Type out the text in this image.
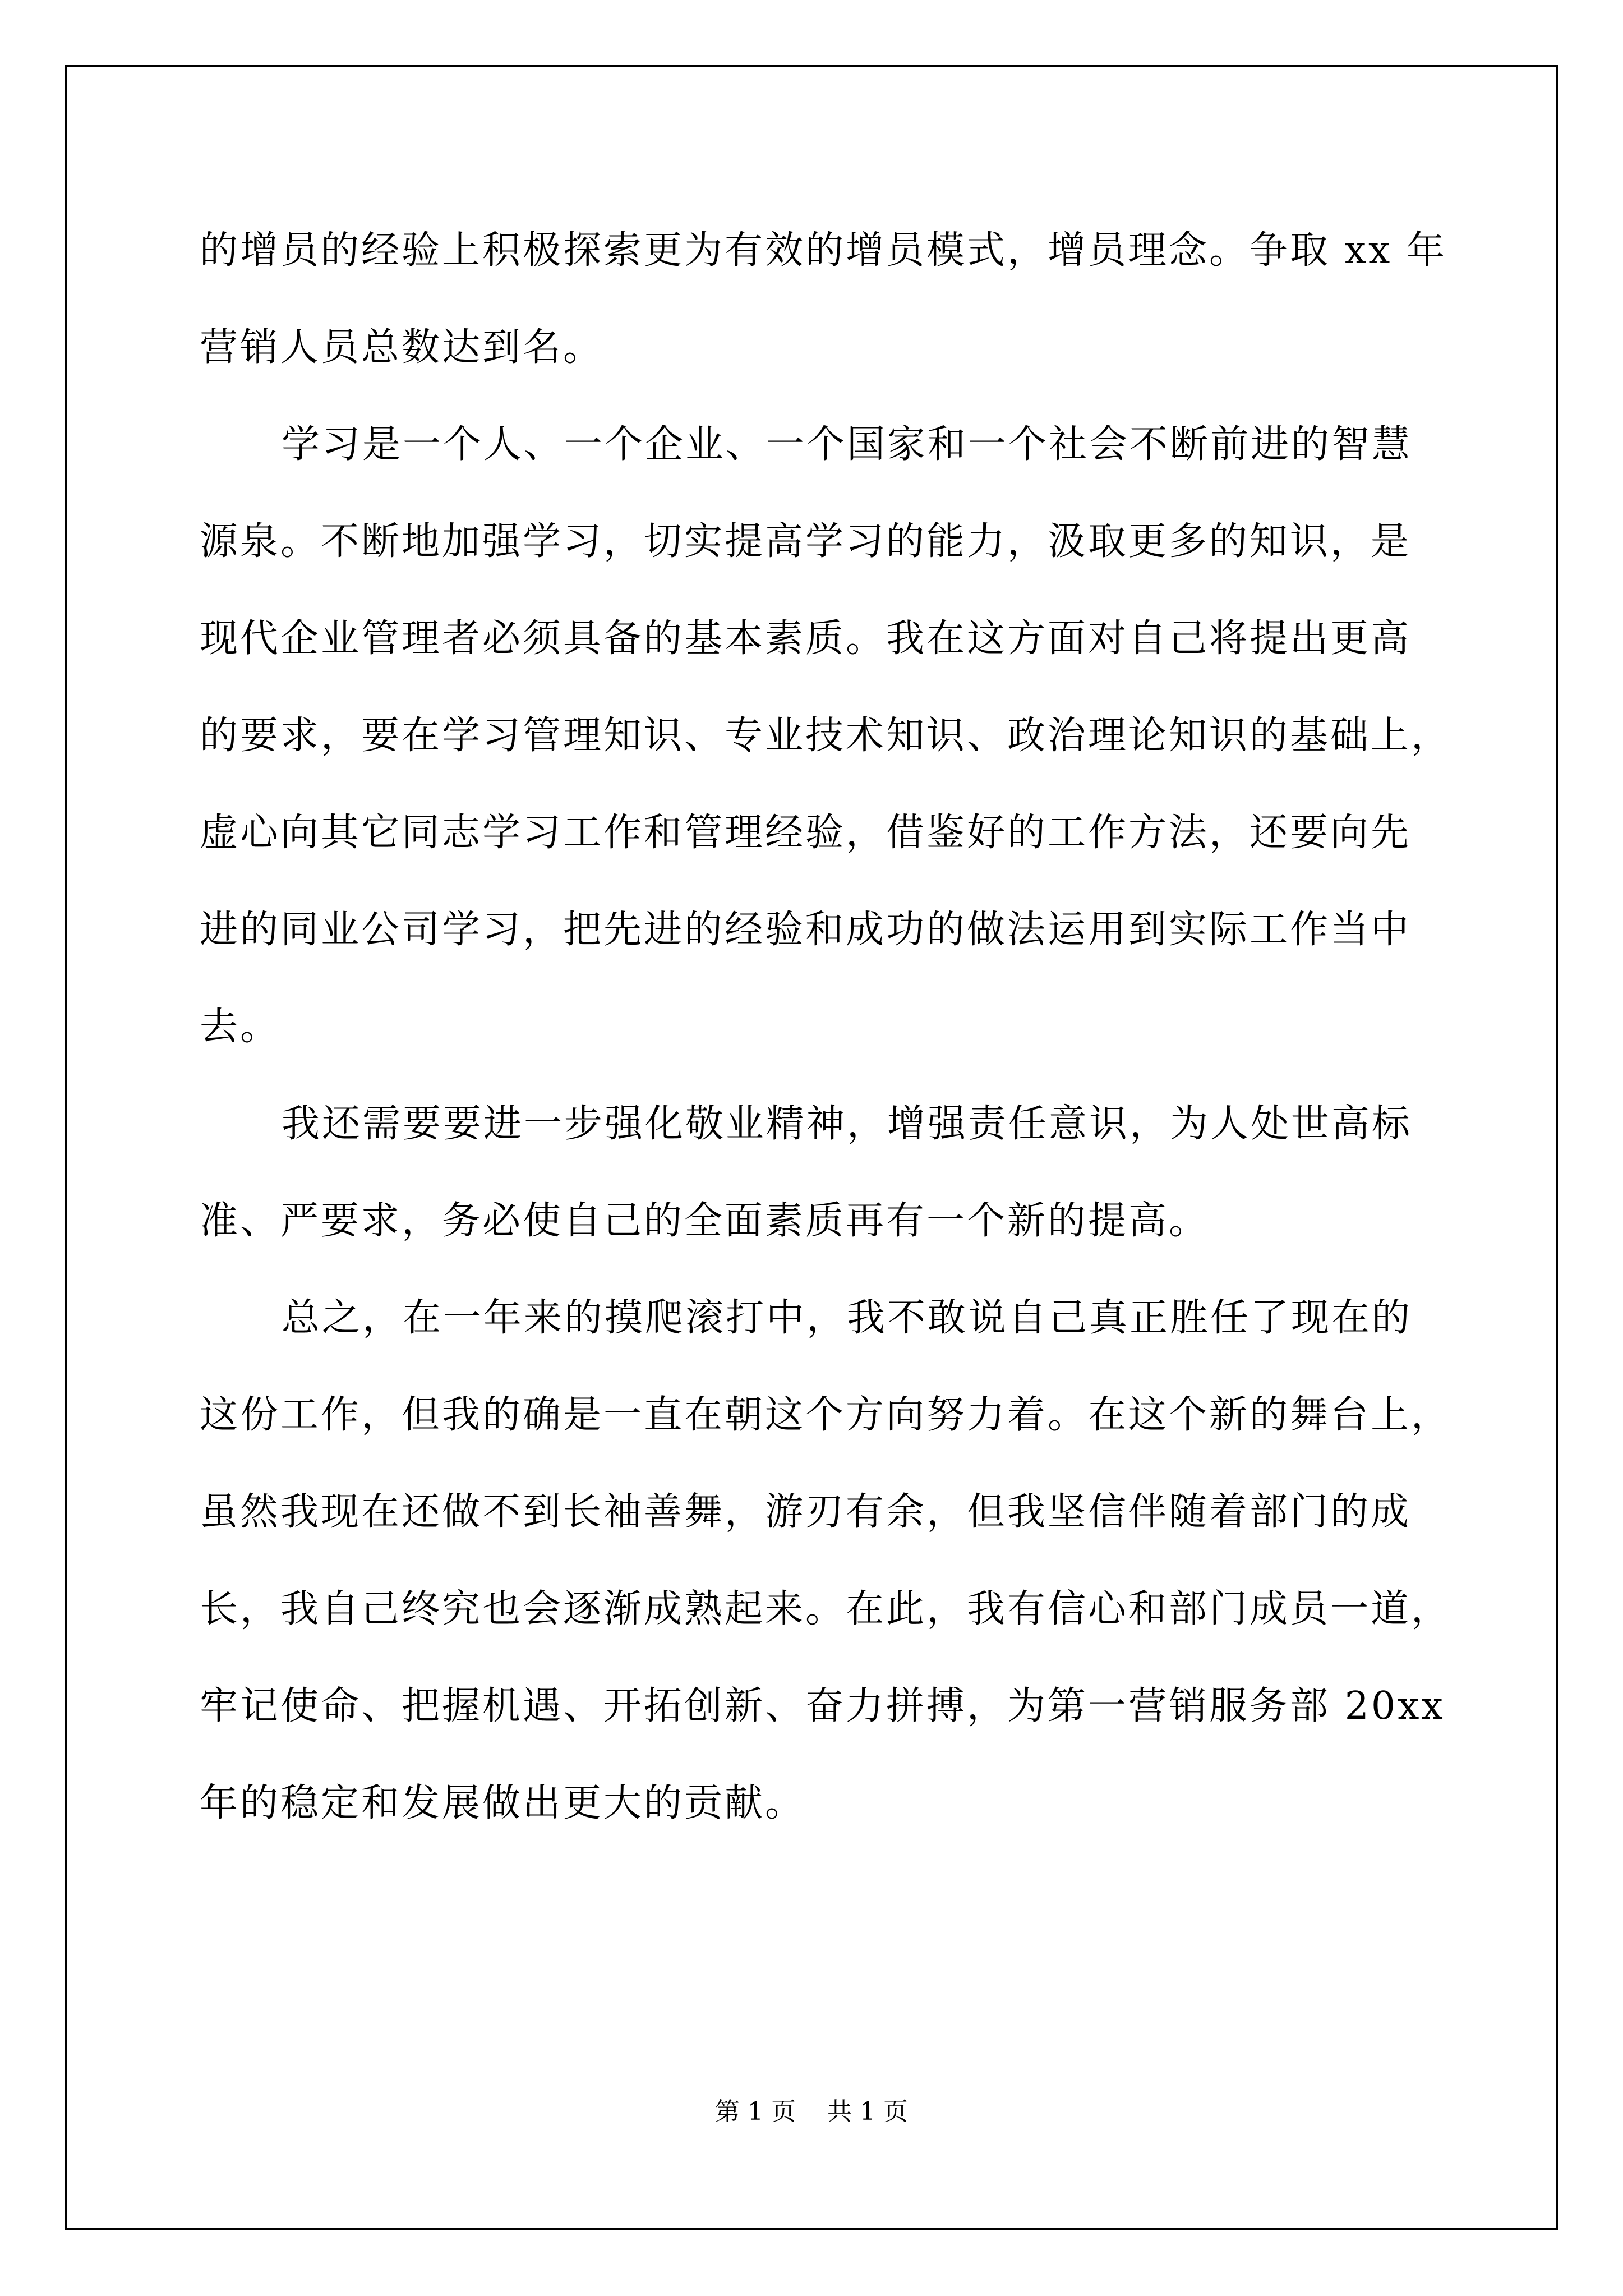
的增员的经验上积极探索更为有效的增员模式，增员理念。争取 xx 年

营销人员总数达到名。

学习是一个人、一个企业、一个国家和一个社会不断前进的智慧

源泉。不断地加强学习，切实提高学习的能力，汲取更多的知识，是

现代企业管理者必须具备的基本素质。我在这方面对自己将提出更高

的要求，要在学习管理知识、专业技术知识、政治理论知识的基础上，

虚心向其它同志学习工作和管理经验，借鉴好的工作方法，还要向先

进的同业公司学习，把先进的经验和成功的做法运用到实际工作当中

去。

我还需要要进一步强化敬业精神，增强责任意识，为人处世高标

准、严要求，务必使自己的全面素质再有一个新的提高。

总之，在一年来的摸爬滚打中，我不敢说自己真正胜任了现在的

这份工作，但我的确是一直在朝这个方向努力着。在这个新的舞台上，

虽然我现在还做不到长袖善舞，游刃有余，但我坚信伴随着部门的成

长，我自己终究也会逐渐成熟起来。在此，我有信心和部门成员一道，

牢记使命、把握机遇、开拓创新、奋力拼搏，为第一营销服务部 20xx

年的稳定和发展做出更大的贡献。

第 1 页    共 1 页
